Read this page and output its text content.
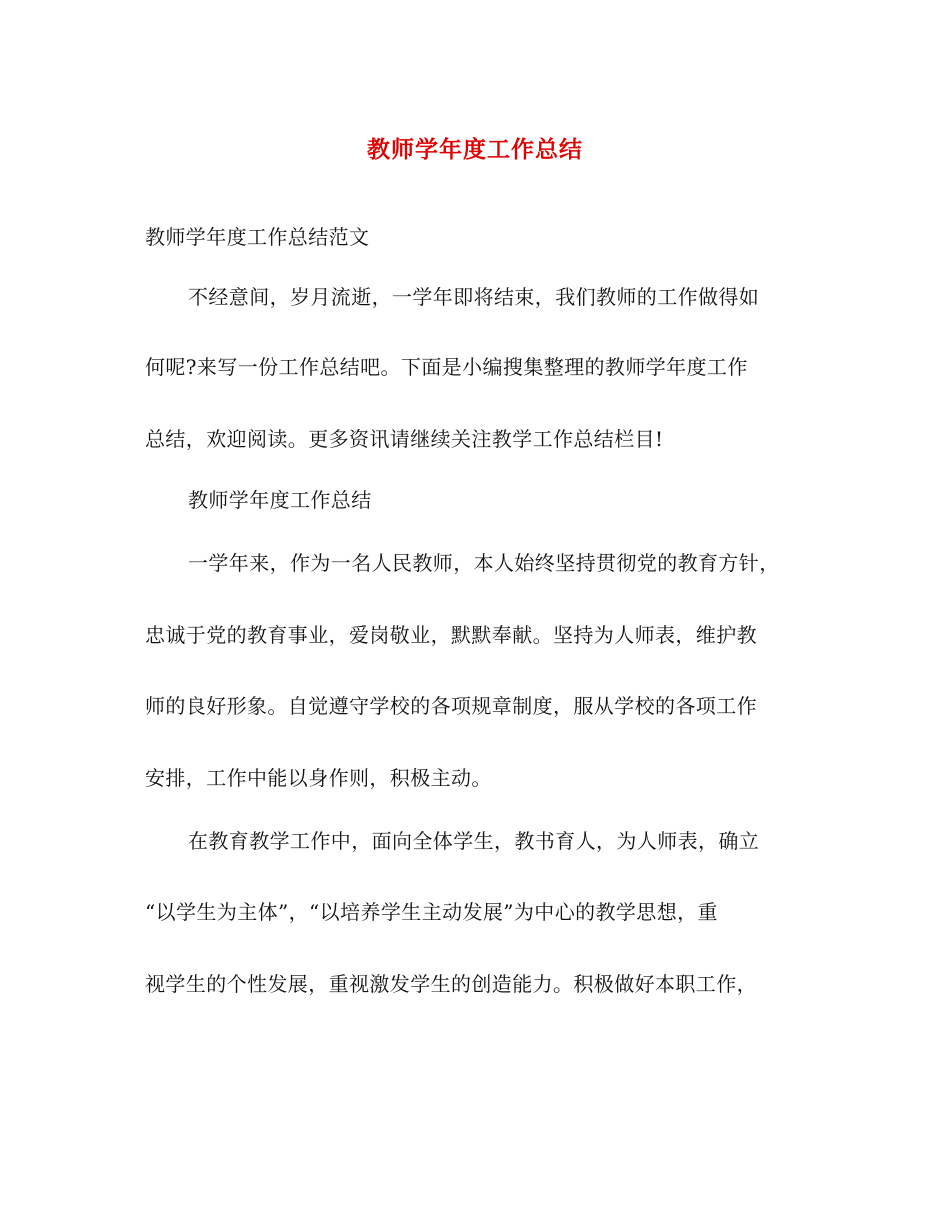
教师学年度工作总结
教师学年度工作总结范文
不经意间，岁月流逝，一学年即将结束，我们教师的工作做得如
何呢?来写一份工作总结吧。下面是小编搜集整理的教师学年度工作
总结，欢迎阅读。更多资讯请继续关注教学工作总结栏目!
教师学年度工作总结
一学年来，作为一名人民教师，本人始终坚持贯彻党的教育方针，
忠诚于党的教育事业，爱岗敬业，默默奉献。坚持为人师表，维护教
师的良好形象。自觉遵守学校的各项规章制度，服从学校的各项工作
安排，工作中能以身作则，积极主动。
在教育教学工作中，面向全体学生，教书育人，为人师表，确立
“以学生为主体”，“以培养学生主动发展”为中心的教学思想，重
视学生的个性发展，重视激发学生的创造能力。积极做好本职工作，
